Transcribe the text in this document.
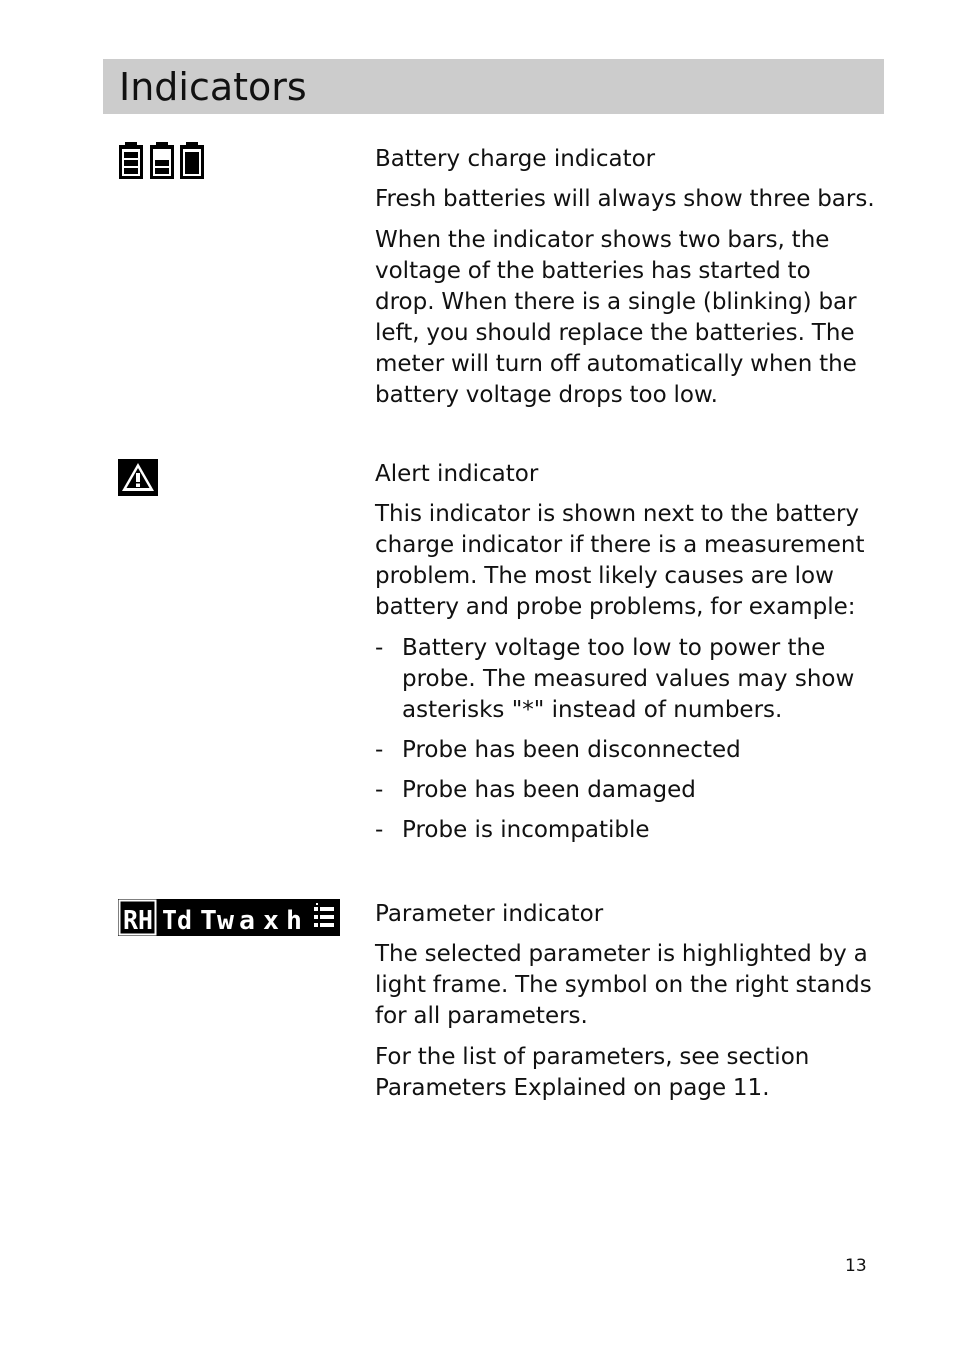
Indicators
Battery charge indicator

Fresh batteries will always show three bars.

When the indicator shows two bars, the voltage of the batteries has started to drop. When there is a single (blinking) bar left, you should replace the batteries. The meter will turn off automatically when the battery voltage drops too low.

Alert indicator

This indicator is shown next to the battery charge indicator if there is a measurement problem. The most likely causes are low battery and probe problems, for example:

- Battery voltage too low to power the probe. The measured values may show asterisks "*" instead of numbers.
- Probe has been disconnected
- Probe has been damaged
- Probe is incompatible
RH Td Tw a x h	Parameter indicator

The selected parameter is highlighted by a light frame. The symbol on the right stands for all parameters.

For the list of parameters, see section Parameters Explained on page 11.

13
